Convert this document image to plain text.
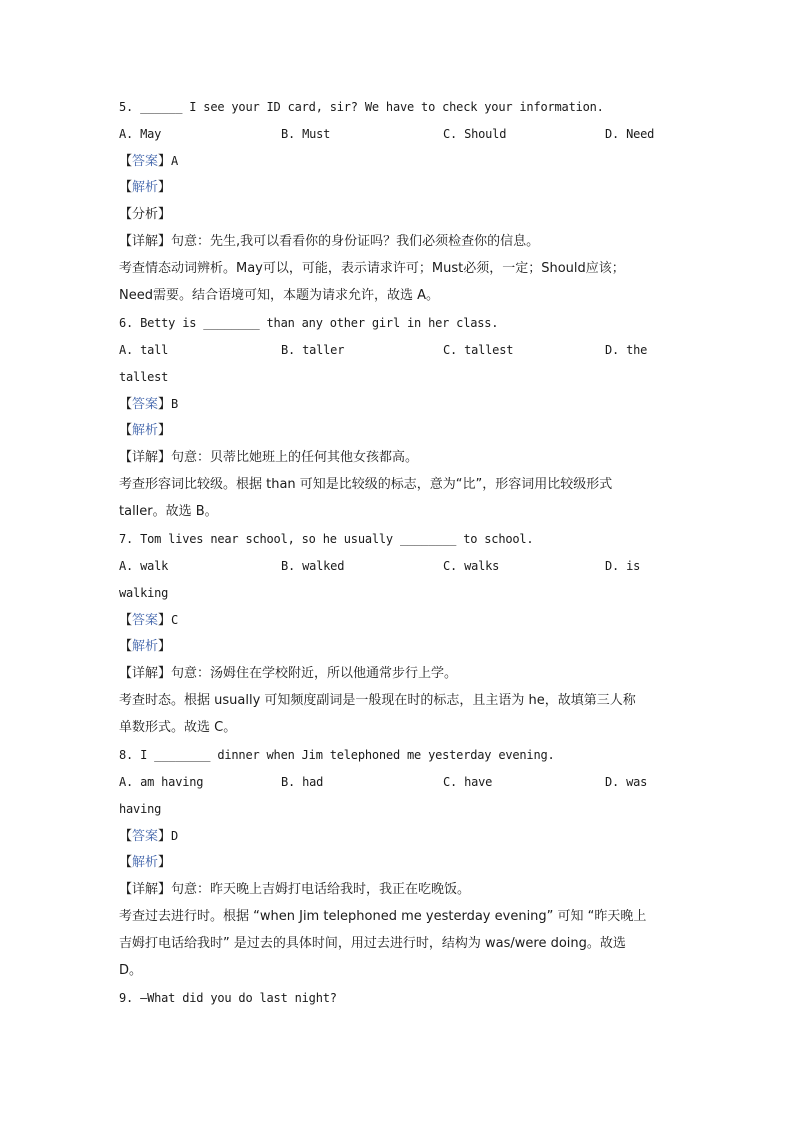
5. ______ I see your ID card, sir? We have to check your information.
A. May	B. Must	C. Should	D. Need
【答案】A
【解析】
【分析】
【详解】句意：先生,我可以看看你的身份证吗？我们必须检查你的信息。
考查情态动词辨析。May可以，可能，表示请求许可；Must必须，一定；Should应该；
Need需要。结合语境可知，本题为请求允许，故选 A。
6. Betty is ________ than any other girl in her class.
A. tall	B. taller	C. tallest	D. the
tallest
【答案】B
【解析】
【详解】句意：贝蒂比她班上的任何其他女孩都高。
考查形容词比较级。根据 than 可知是比较级的标志，意为“比”，形容词用比较级形式
taller。故选 B。
7. Tom lives near school, so he usually ________ to school.
A. walk	B. walked	C. walks	D. is
walking
【答案】C
【解析】
【详解】句意：汤姆住在学校附近，所以他通常步行上学。
考查时态。根据 usually 可知频度副词是一般现在时的标志，且主语为 he，故填第三人称
单数形式。故选 C。
8. I ________ dinner when Jim telephoned me yesterday evening.
A. am having	B. had	C. have	D. was
having
【答案】D
【解析】
【详解】句意：昨天晚上吉姆打电话给我时，我正在吃晚饭。
考查过去进行时。根据 “when Jim telephoned me yesterday evening” 可知 “昨天晚上
吉姆打电话给我时” 是过去的具体时间，用过去进行时，结构为 was/were doing。故选
D。
9. —What did you do last night?
